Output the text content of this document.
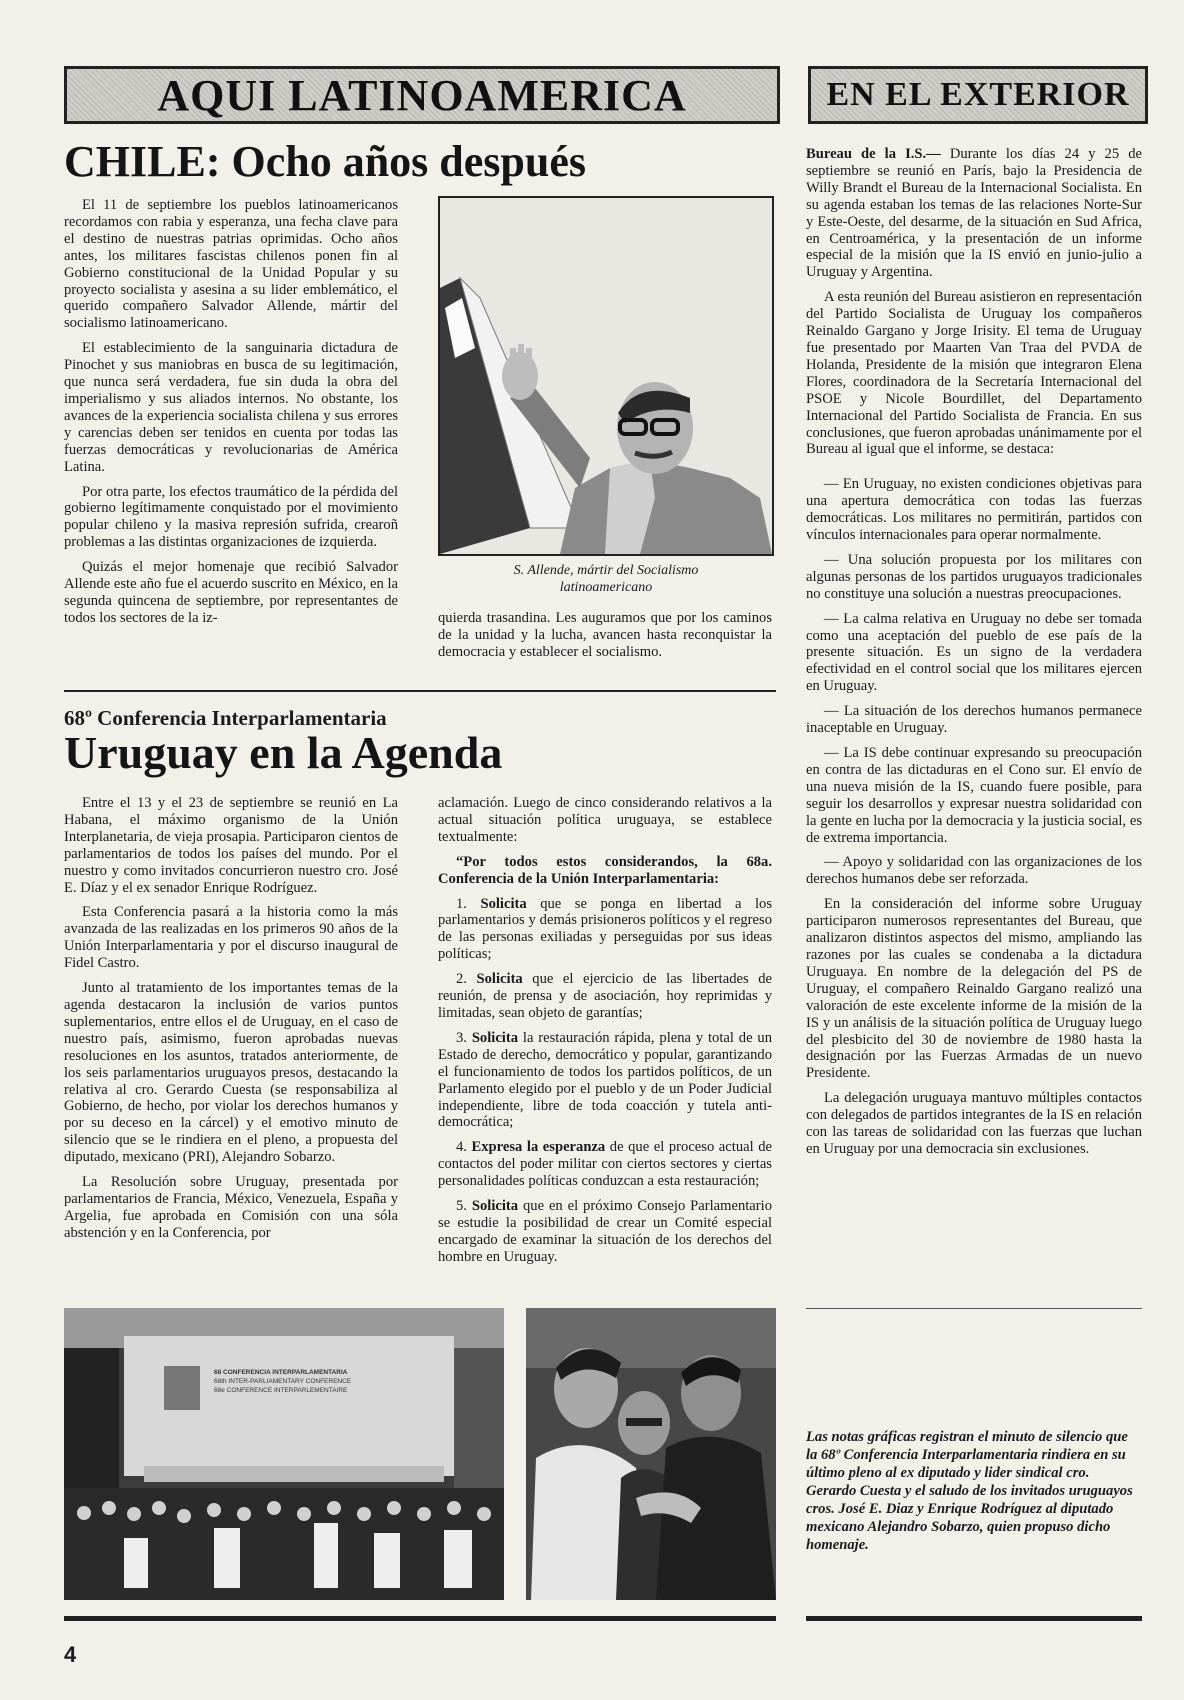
AQUI LATINOAMERICA	EN EL EXTERIOR
CHILE: Ocho años después

El 11 de septiembre los pueblos latinoamericanos recordamos con rabia y esperanza, una fecha clave para el destino de nuestras patrias oprimidas. Ocho años antes, los militares fascistas chilenos ponen fin al Gobierno constitucional de la Unidad Popular y su proyecto socialista y asesina a su lider emblemático, el querido compañero Salvador Allende, mártir del socialismo latinoamericano.

El establecimiento de la sanguinaria dictadura de Pinochet y sus maniobras en busca de su legitimación, que nunca será verdadera, fue sin duda la obra del imperialismo y sus aliados internos. No obstante, los avances de la experiencia socialista chilena y sus errores y carencias deben ser tenidos en cuenta por todas las fuerzas democráticas y revolucionarias de América Latina.

Por otra parte, los efectos traumático de la pérdida del gobierno legítimamente conquistado por el movimiento popular chileno y la masiva represión sufrida, crearoñ problemas a las distintas organizaciones de izquierda.

Quizás el mejor homenaje que recibió Salvador Allende este año fue el acuerdo suscrito en México, en la segunda quincena de septiembre, por representantes de todos los sectores de la iz-

S. Allende, mártir del Socialismo latinoamericano

quierda trasandina. Les auguramos que por los caminos de la unidad y la lucha, avancen hasta reconquistar la democracia y establecer el socialismo.

68º Conferencia Interparlamentaria
Uruguay en la Agenda

Entre el 13 y el 23 de septiembre se reunió en La Habana, el máximo organismo de la Unión Interplanetaria, de vieja prosapia. Participaron cientos de parlamentarios de todos los países del mundo. Por el nuestro y como invitados concurrieron nuestro cro. José E. Díaz y el ex senador Enrique Rodríguez.

Esta Conferencia pasará a la historia como la más avanzada de las realizadas en los primeros 90 años de la Unión Interparlamentaria y por el discurso inaugural de Fidel Castro.

Junto al tratamiento de los importantes temas de la agenda destacaron la inclusión de varios puntos suplementarios, entre ellos el de Uruguay, en el caso de nuestro país, asimismo, fueron aprobadas nuevas resoluciones en los asuntos, tratados anteriormente, de los seis parlamentarios uruguayos presos, destacando la relativa al cro. Gerardo Cuesta (se responsabiliza al Gobierno, de hecho, por violar los derechos humanos y por su deceso en la cárcel) y el emotivo minuto de silencio que se le rindiera en el pleno, a propuesta del diputado, mexicano (PRI), Alejandro Sobarzo.

La Resolución sobre Uruguay, presentada por parlamentarios de Francia, México, Venezuela, España y Argelia, fue aprobada en Comisión con una sóla abstención y en la Conferencia, por

aclamación. Luego de cinco considerando relativos a la actual situación política uruguaya, se establece textualmente:

“Por todos estos considerandos, la 68a. Conferencia de la Unión Interparlamentaria:

1. Solicita que se ponga en libertad a los parlamentarios y demás prisioneros políticos y el regreso de las personas exiliadas y perseguidas por sus ideas políticas;

2. Solicita que el ejercicio de las libertades de reunión, de prensa y de asociación, hoy reprimidas y limitadas, sean objeto de garantías;

3. Solicita la restauración rápida, plena y total de un Estado de derecho, democrático y popular, garantizando el funcionamiento de todos los partidos políticos, de un Parlamento elegido por el pueblo y de un Poder Judicial independiente, libre de toda coacción y tutela anti-democrática;

4. Expresa la esperanza de que el proceso actual de contactos del poder militar con ciertos sectores y ciertas personalidades políticas conduzcan a esta restauración;

5. Solicita que en el próximo Consejo Parlamentario se estudie la posibilidad de crear un Comité especial encargado de examinar la situación de los derechos del hombre en Uruguay.

Bureau de la I.S.— Durante los días 24 y 25 de septiembre se reunió en París, bajo la Presidencia de Willy Brandt el Bureau de la Internacional Socialista. En su agenda estaban los temas de las relaciones Norte-Sur y Este-Oeste, del desarme, de la situación en Sud Africa, en Centroamérica, y la presentación de un informe especial de la misión que la IS envió en junio-julio a Uruguay y Argentina.

A esta reunión del Bureau asistieron en representación del Partido Socialista de Uruguay los compañeros Reinaldo Gargano y Jorge Irisity. El tema de Uruguay fue presentado por Maarten Van Traa del PVDA de Holanda, Presidente de la misión que integraron Elena Flores, coordinadora de la Secretaría Internacional del PSOE y Nicole Bourdillet, del Departamento Internacional del Partido Socialista de Francia. En sus conclusiones, que fueron aprobadas unánimamente por el Bureau al igual que el informe, se destaca:

— En Uruguay, no existen condiciones objetivas para una apertura democrática con todas las fuerzas democráticas. Los militares no permitirán, partidos con vínculos internacionales para operar normalmente.

— Una solución propuesta por los militares con algunas personas de los partidos uruguayos tradicionales no constituye una solución a nuestras preocupaciones.

— La calma relativa en Uruguay no debe ser tomada como una aceptación del pueblo de ese país de la presente situación. Es un signo de la verdadera efectividad en el control social que los militares ejercen en Uruguay.

— La situación de los derechos humanos permanece inaceptable en Uruguay.

— La IS debe continuar expresando su preocupación en contra de las dictaduras en el Cono sur. El envío de una nueva misión de la IS, cuando fuere posible, para seguir los desarrollos y expresar nuestra solidaridad con la gente en lucha por la democracia y la justicia social, es de extrema importancia.

— Apoyo y solidaridad con las organizaciones de los derechos humanos debe ser reforzada.

En la consideración del informe sobre Uruguay participaron numerosos representantes del Bureau, que analizaron distintos aspectos del mismo, ampliando las razones por las cuales se condenaba a la dictadura Uruguaya. En nombre de la delegación del PS de Uruguay, el compañero Reinaldo Gargano realizó una valoración de este excelente informe de la misión de la IS y un análisis de la situación política de Uruguay luego del plesbicito del 30 de noviembre de 1980 hasta la designación por las Fuerzas Armadas de un nuevo Presidente.

La delegación uruguaya mantuvo múltiples contactos con delegados de partidos integrantes de la IS en relación con las tareas de solidaridad con las fuerzas que luchan en Uruguay por una democracia sin exclusiones.

68 CONFERENCIA INTERPARLAMENTARIA
68th INTER-PARLIAMENTARY CONFERENCE
68e CONFERENCE INTERPARLEMENTAIRE
Las notas gráficas registran el minuto de silencio que la 68º Conferencia Interparlamentaria rindiera en su último pleno al ex diputado y lider sindical cro. Gerardo Cuesta y el saludo de los invitados uruguayos cros. José E. Diaz y Enrique Rodríguez al diputado mexicano Alejandro Sobarzo, quien propuso dicho homenaje.
4
